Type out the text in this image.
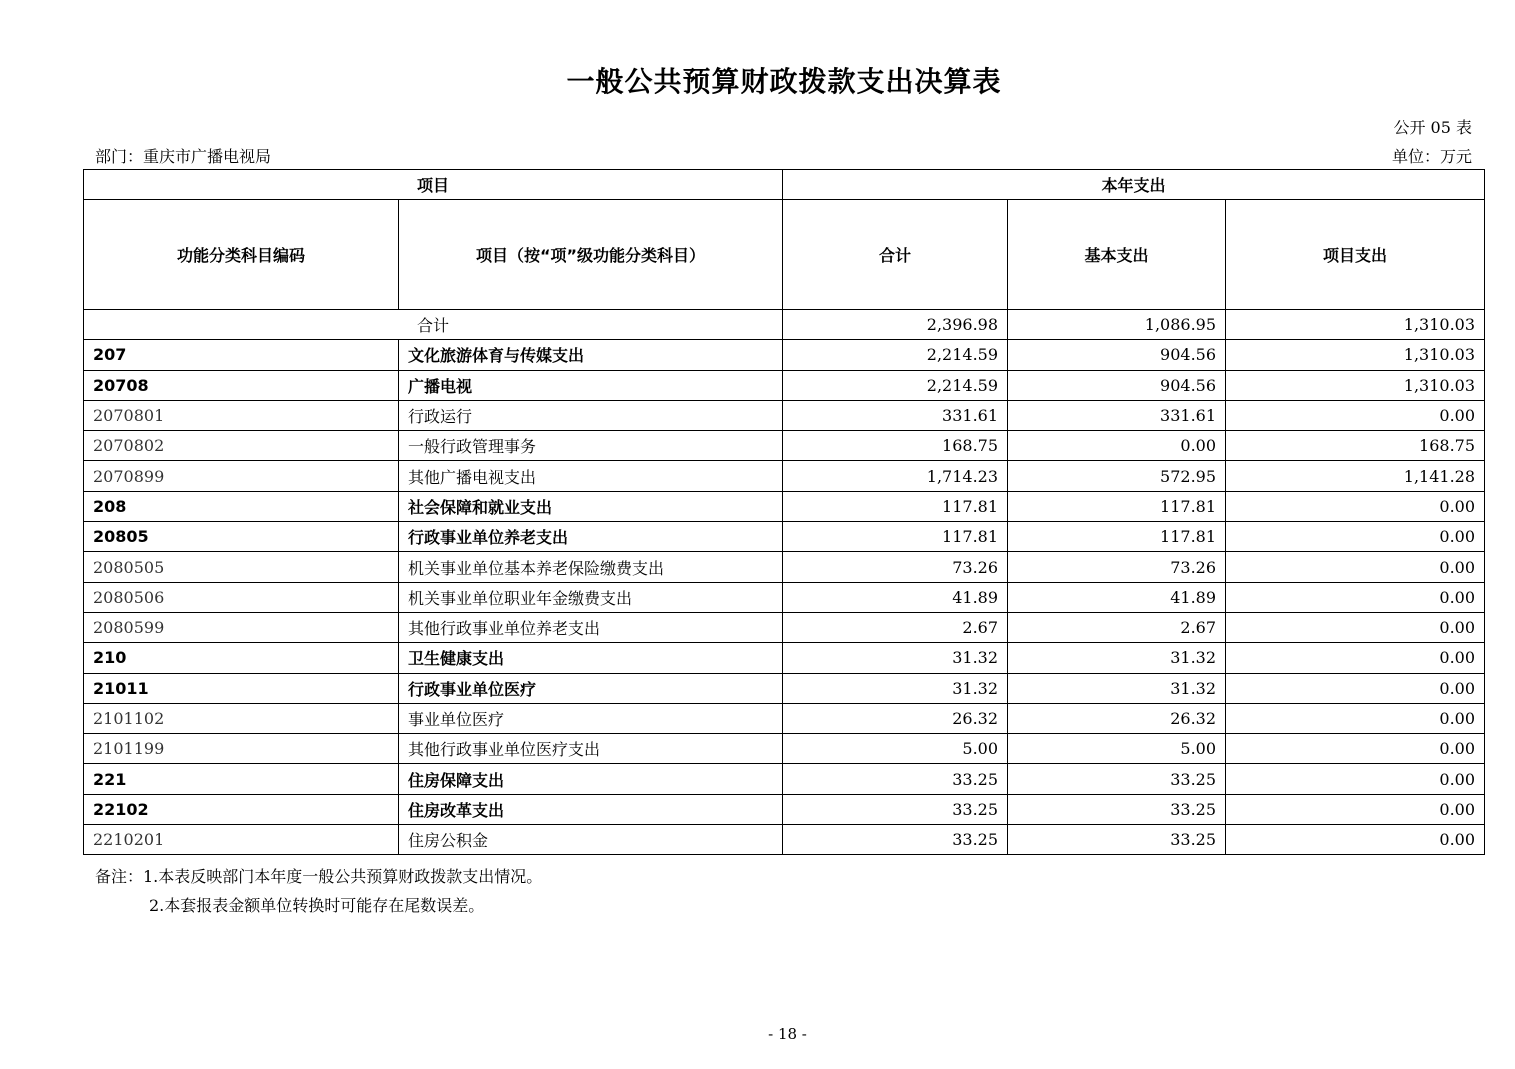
一般公共预算财政拨款支出决算表
公开 05 表
部门：重庆市广播电视局	单位：万元
项目		本年支出		
功能分类科目编码	项目（按“项”级功能分类科目）	合计	基本支出	项目支出
合计		2,396.98	1,086.95	1,310.03
207	文化旅游体育与传媒支出	2,214.59	904.56	1,310.03
20708	广播电视	2,214.59	904.56	1,310.03
2070801	行政运行	331.61	331.61	0.00
2070802	一般行政管理事务	168.75	0.00	168.75
2070899	其他广播电视支出	1,714.23	572.95	1,141.28
208	社会保障和就业支出	117.81	117.81	0.00
20805	行政事业单位养老支出	117.81	117.81	0.00
2080505	机关事业单位基本养老保险缴费支出	73.26	73.26	0.00
2080506	机关事业单位职业年金缴费支出	41.89	41.89	0.00
2080599	其他行政事业单位养老支出	2.67	2.67	0.00
210	卫生健康支出	31.32	31.32	0.00
21011	行政事业单位医疗	31.32	31.32	0.00
2101102	事业单位医疗	26.32	26.32	0.00
2101199	其他行政事业单位医疗支出	5.00	5.00	0.00
221	住房保障支出	33.25	33.25	0.00
22102	住房改革支出	33.25	33.25	0.00
2210201	住房公积金	33.25	33.25	0.00
备注：1.本表反映部门本年度一般公共预算财政拨款支出情况。
2.本套报表金额单位转换时可能存在尾数误差。
- 18 -
